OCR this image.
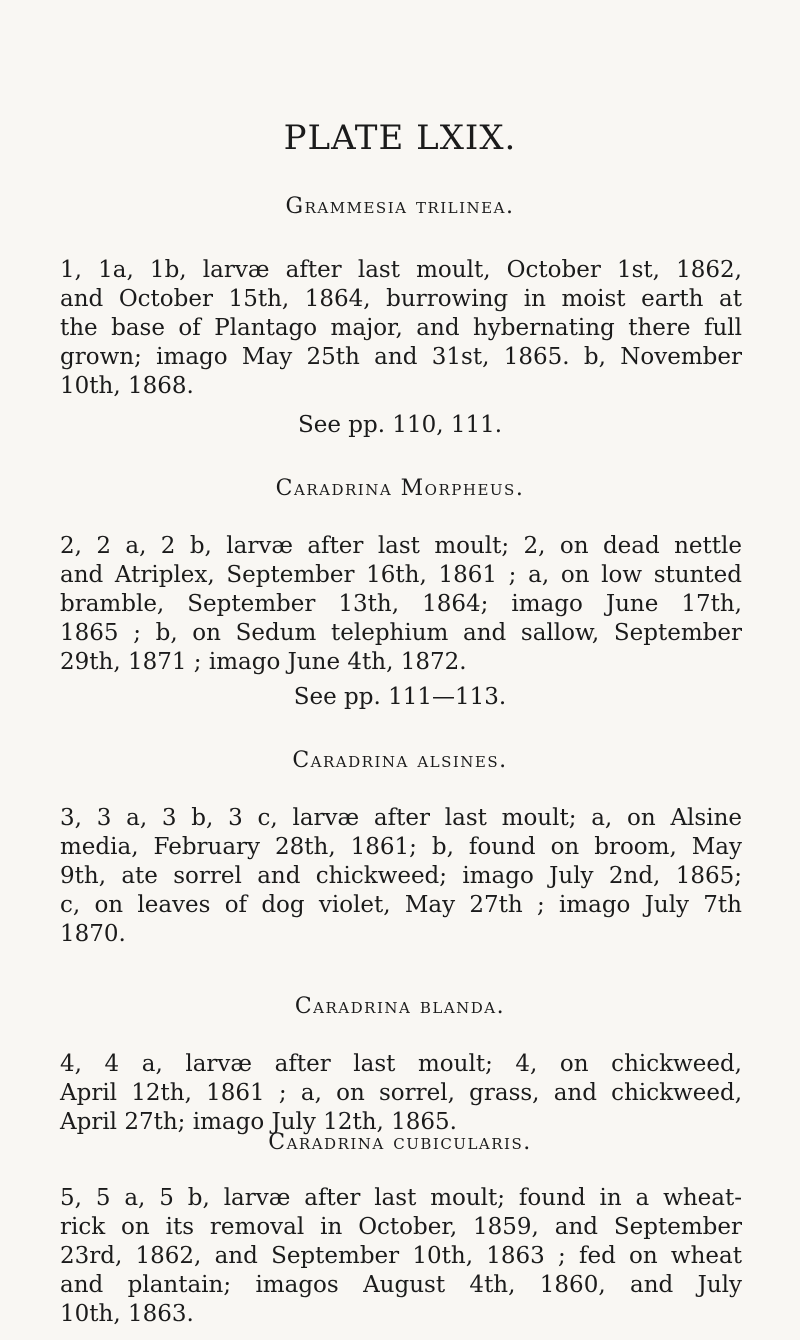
PLATE LXIX.
Grammesia trilinea.
1, 1a, 1b, larvæ after last moult, October 1st, 1862,
and October 15th, 1864, burrowing in moist earth at
the base of Plantago major, and hybernating there full
grown; imago May 25th and 31st, 1865. b, November
10th, 1868.
See pp. 110, 111.
Caradrina Morpheus.
2, 2 a, 2 b, larvæ after last moult; 2, on dead nettle
and Atriplex, September 16th, 1861 ; a, on low stunted
bramble, September 13th, 1864; imago June 17th,
1865 ; b, on Sedum telephium and sallow, September
29th, 1871 ; imago June 4th, 1872.
See pp. 111—113.
Caradrina alsines.
3, 3 a, 3 b, 3 c, larvæ after last moult; a, on Alsine
media, February 28th, 1861; b, found on broom, May
9th, ate sorrel and chickweed; imago July 2nd, 1865;
c, on leaves of dog violet, May 27th ; imago July 7th
1870.
Caradrina blanda.
4, 4 a, larvæ after last moult; 4, on chickweed,
April 12th, 1861 ; a, on sorrel, grass, and chickweed,
April 27th; imago July 12th, 1865.
Caradrina cubicularis.
5, 5 a, 5 b, larvæ after last moult; found in a wheat-
rick on its removal in October, 1859, and September
23rd, 1862, and September 10th, 1863 ; fed on wheat
and plantain; imagos August 4th, 1860, and July
10th, 1863.
